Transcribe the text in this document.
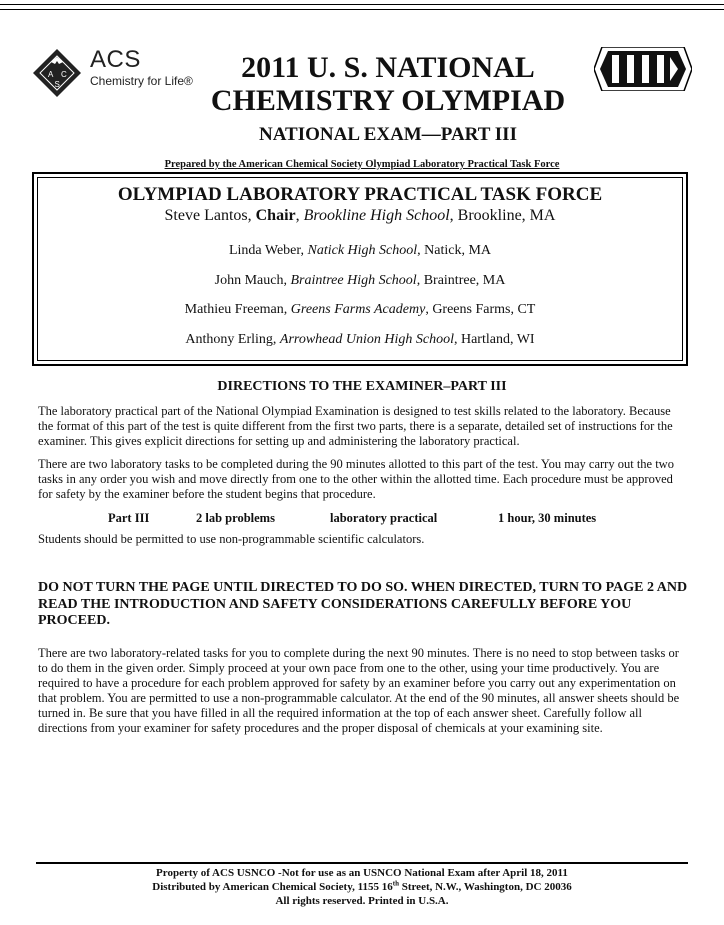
A C
S
ACS
Chemistry for Life®	2011 U. S. NATIONAL
CHEMISTRY OLYMPIAD
NATIONAL EXAM—PART III
Prepared by the American Chemical Society Olympiad Laboratory Practical Task Force
OLYMPIAD LABORATORY PRACTICAL TASK FORCE
Steve Lantos, Chair, Brookline High School, Brookline, MA
Linda Weber, Natick High School, Natick, MA
John Mauch, Braintree High School, Braintree, MA
Mathieu Freeman, Greens Farms Academy, Greens Farms, CT
Anthony Erling, Arrowhead Union High School, Hartland, WI
DIRECTIONS TO THE EXAMINER–PART III
The laboratory practical part of the National Olympiad Examination is designed to test skills related to the laboratory. Because the format of this part of the test is quite different from the first two parts, there is a separate, detailed set of instructions for the examiner. This gives explicit directions for setting up and administering the laboratory practical.
There are two laboratory tasks to be completed during the 90 minutes allotted to this part of the test. You may carry out the two tasks in any order you wish and move directly from one to the other within the allotted time. Each procedure must be approved for safety by the examiner before the student begins that procedure.
Part III	2 lab problems	laboratory practical	1 hour, 30 minutes
Students should be permitted to use non-programmable scientific calculators.
DO NOT TURN THE PAGE UNTIL DIRECTED TO DO SO. WHEN DIRECTED, TURN TO PAGE 2 AND READ THE INTRODUCTION AND SAFETY CONSIDERATIONS CAREFULLY BEFORE YOU PROCEED.
There are two laboratory-related tasks for you to complete during the next 90 minutes. There is no need to stop between tasks or to do them in the given order. Simply proceed at your own pace from one to the other, using your time productively. You are required to have a procedure for each problem approved for safety by an examiner before you carry out any experimentation on that problem. You are permitted to use a non-programmable calculator. At the end of the 90 minutes, all answer sheets should be turned in. Be sure that you have filled in all the required information at the top of each answer sheet. Carefully follow all directions from your examiner for safety procedures and the proper disposal of chemicals at your examining site.
Property of ACS USNCO -Not for use as an USNCO National Exam after April 18, 2011
Distributed by American Chemical Society, 1155 16th Street, N.W., Washington, DC 20036
All rights reserved. Printed in U.S.A.
